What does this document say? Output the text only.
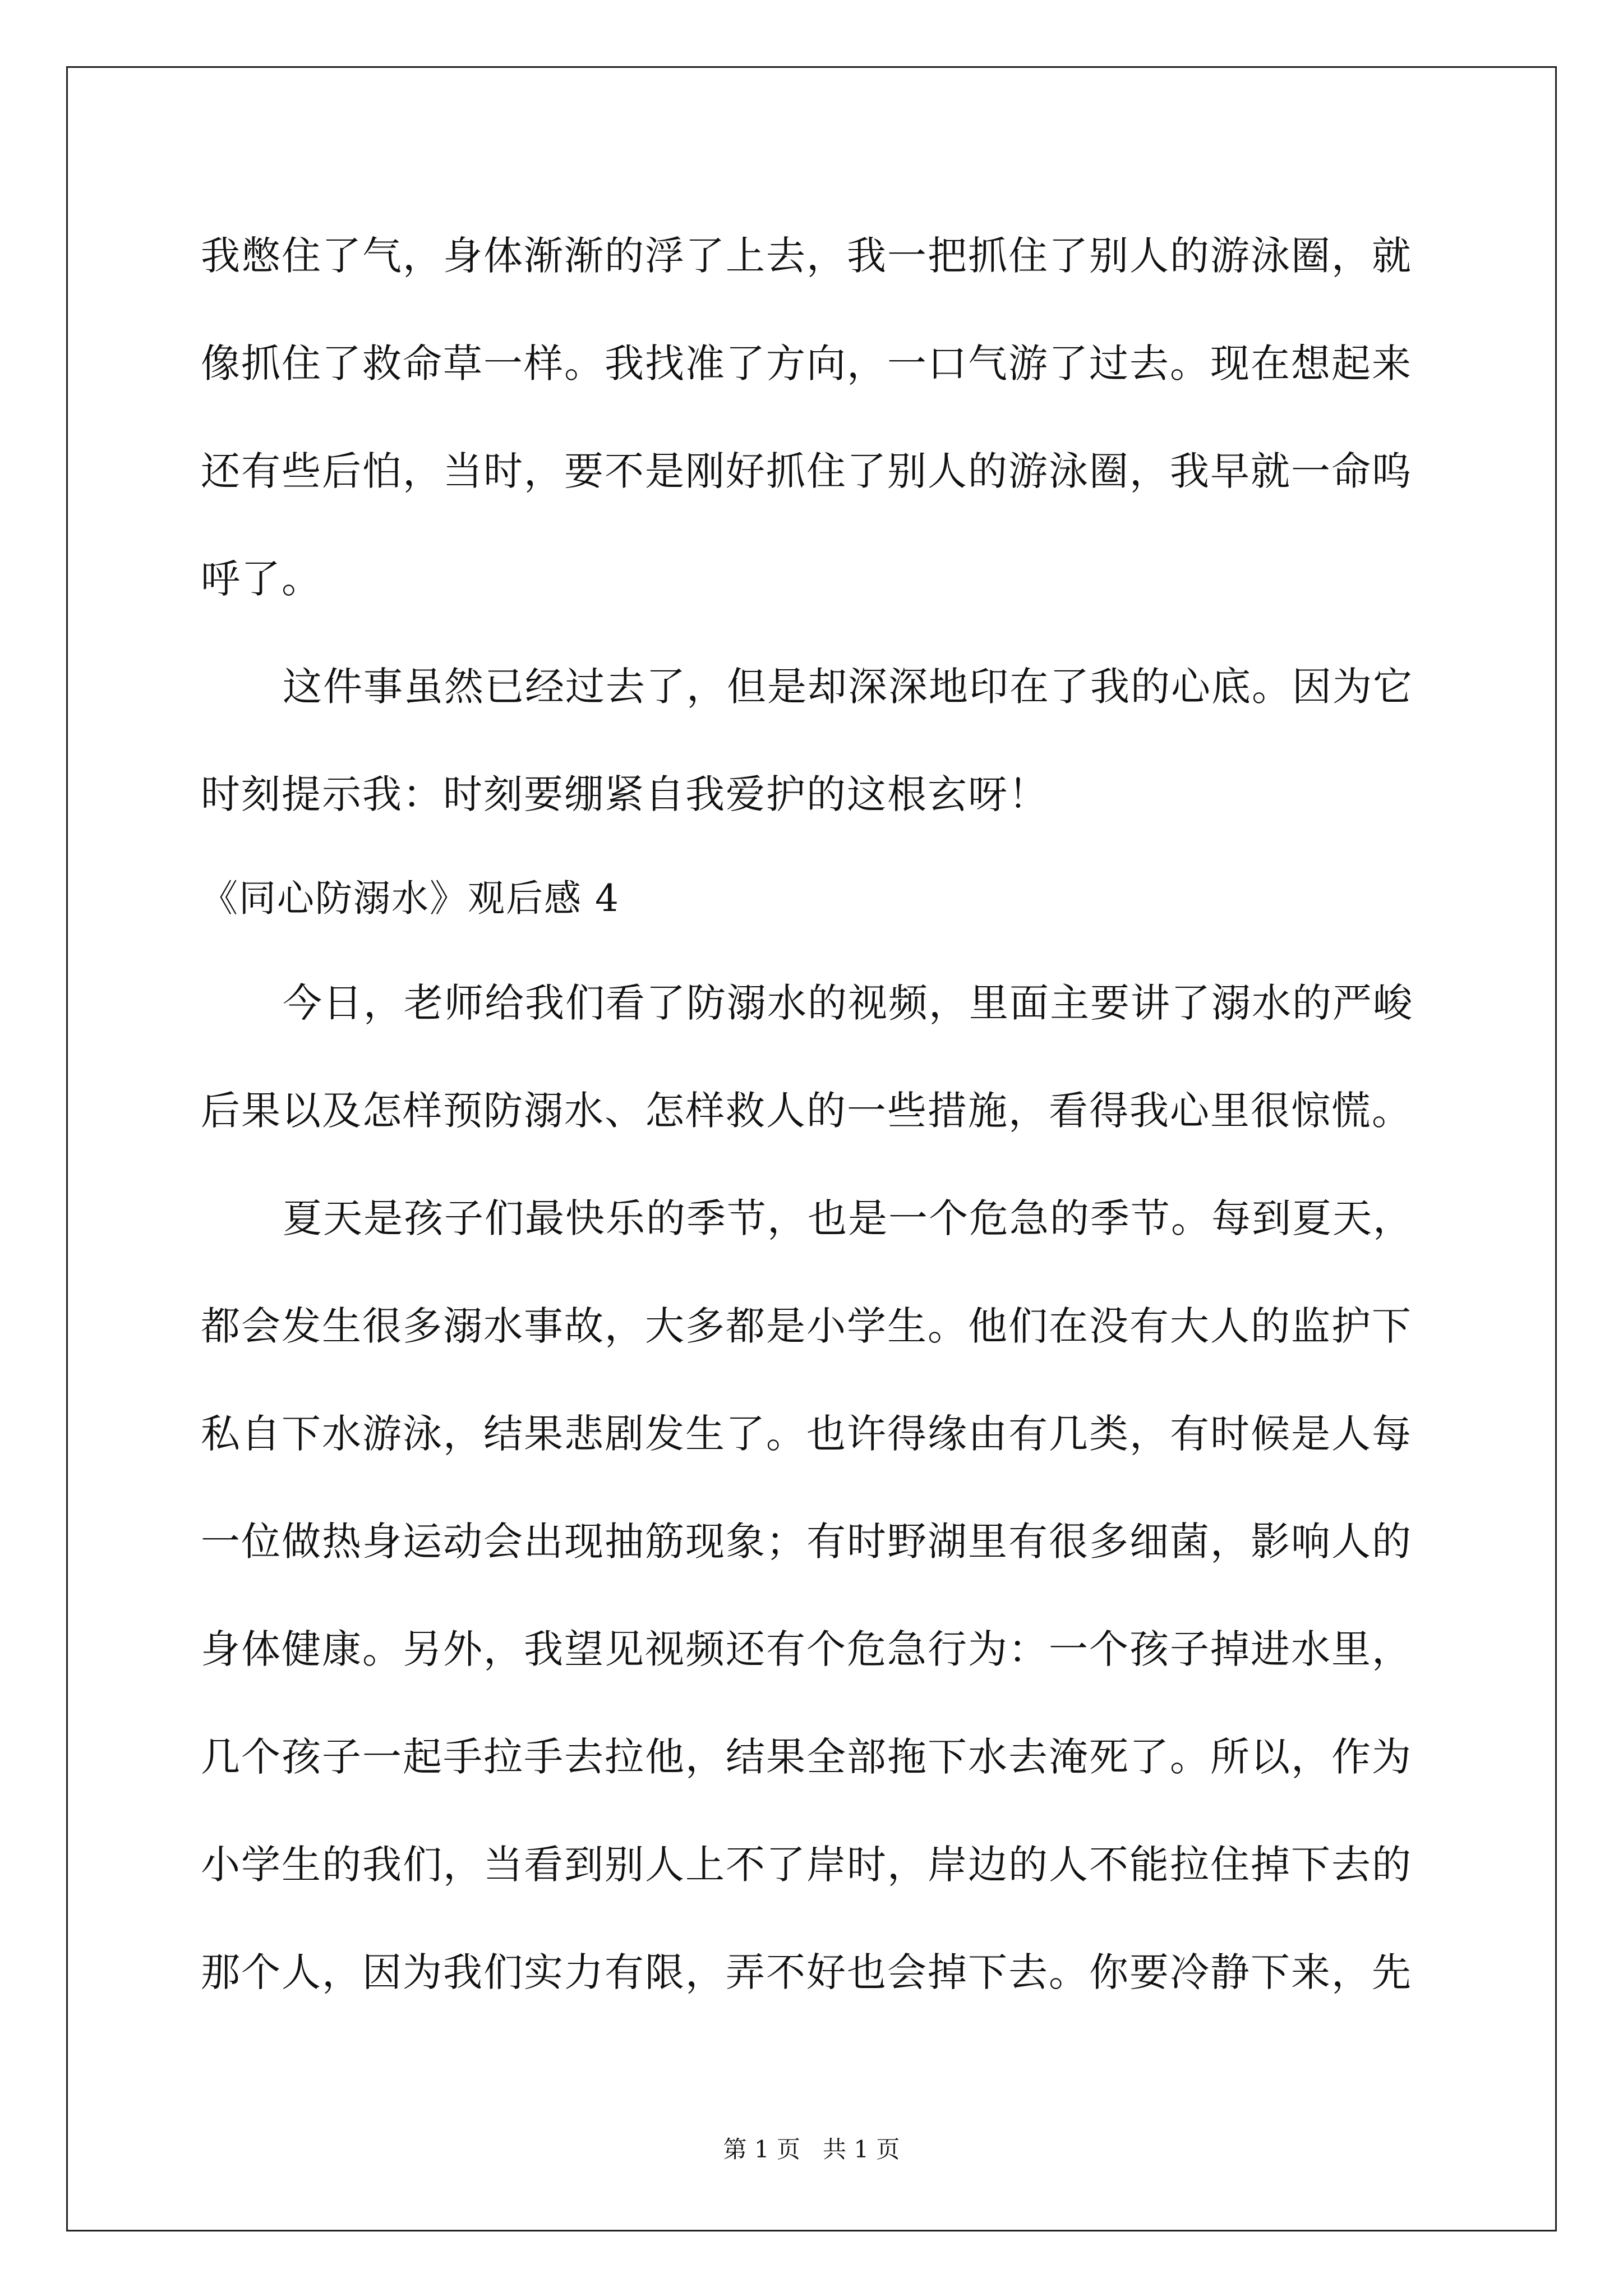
我憋住了气，身体渐渐的浮了上去，我一把抓住了别人的游泳圈，就
像抓住了救命草一样。我找准了方向，一口气游了过去。现在想起来
还有些后怕，当时，要不是刚好抓住了别人的游泳圈，我早就一命呜
呼了。
这件事虽然已经过去了，但是却深深地印在了我的心底。因为它
时刻提示我：时刻要绷紧自我爱护的这根玄呀！
《同心防溺水》观后感 4
今日，老师给我们看了防溺水的视频，里面主要讲了溺水的严峻
后果以及怎样预防溺水、怎样救人的一些措施，看得我心里很惊慌。
夏天是孩子们最快乐的季节，也是一个危急的季节。每到夏天，
都会发生很多溺水事故，大多都是小学生。他们在没有大人的监护下
私自下水游泳，结果悲剧发生了。也许得缘由有几类，有时候是人每
一位做热身运动会出现抽筋现象；有时野湖里有很多细菌，影响人的
身体健康。另外，我望见视频还有个危急行为：一个孩子掉进水里，
几个孩子一起手拉手去拉他，结果全部拖下水去淹死了。所以，作为
小学生的我们，当看到别人上不了岸时，岸边的人不能拉住掉下去的
那个人，因为我们实力有限，弄不好也会掉下去。你要冷静下来，先
第 1 页 共 1 页
